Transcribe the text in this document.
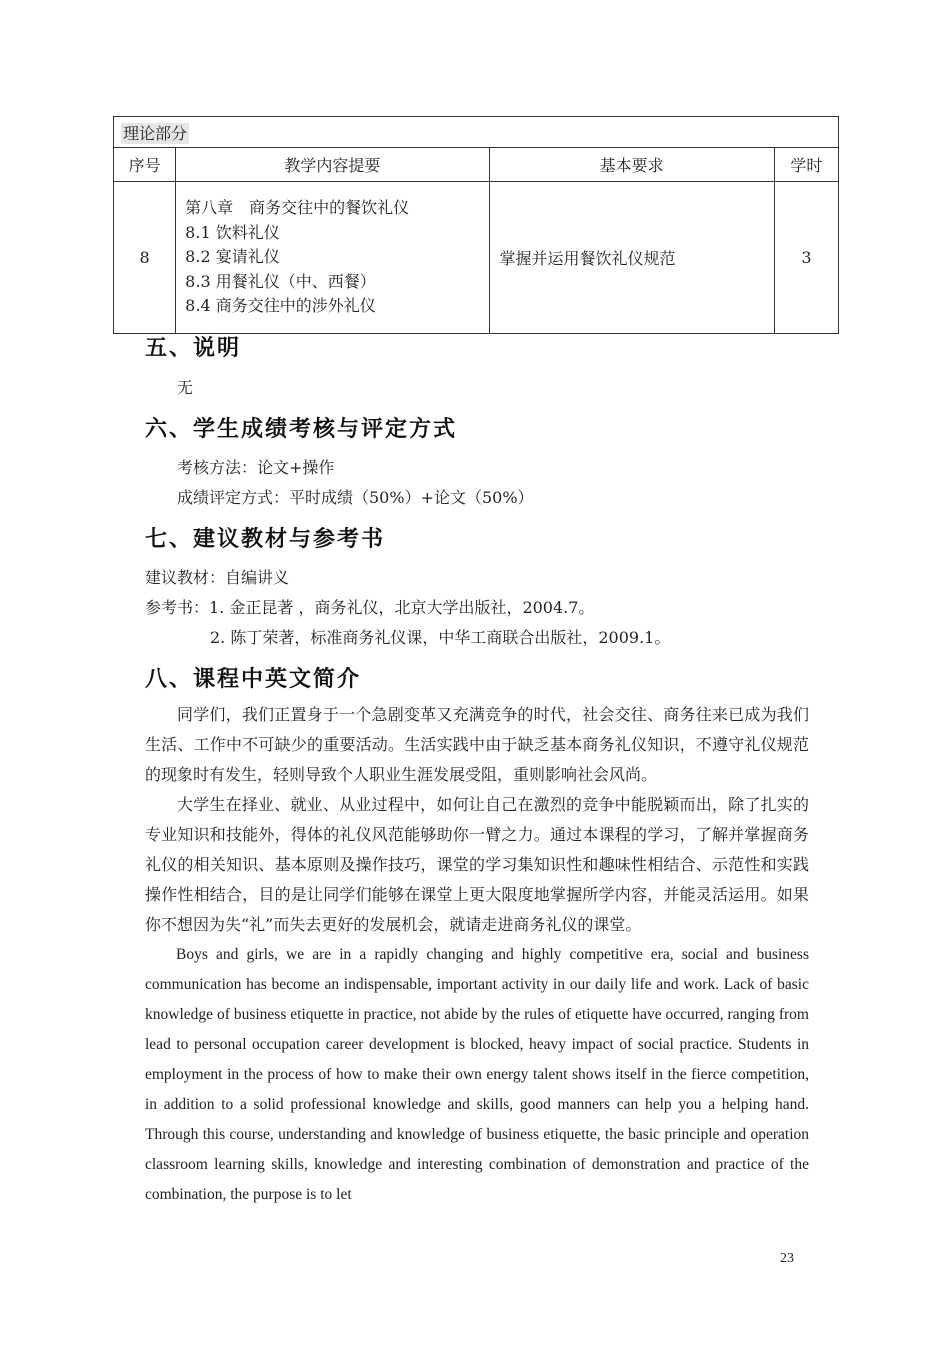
理论部分			
序号	教学内容提要	基本要求	学时
8	第八章　商务交往中的餐饮礼仪
8.1 饮料礼仪
8.2 宴请礼仪
8.3 用餐礼仪（中、西餐）
8.4 商务交往中的涉外礼仪	掌握并运用餐饮礼仪规范	3
五、说明

无

六、学生成绩考核与评定方式

考核方法：论文+操作

成绩评定方式：平时成绩（50%）+论文（50%）

七、建议教材与参考书

建议教材：自编讲义

参考书：1. 金正昆著 ，商务礼仪，北京大学出版社，2004.7。

2. 陈丁荣著，标准商务礼仪课，中华工商联合出版社，2009.1。

八、课程中英文简介

同学们，我们正置身于一个急剧变革又充满竞争的时代，社会交往、商务往来已成为我们生活、工作中不可缺少的重要活动。生活实践中由于缺乏基本商务礼仪知识，不遵守礼仪规范的现象时有发生，轻则导致个人职业生涯发展受阻，重则影响社会风尚。

大学生在择业、就业、从业过程中，如何让自己在激烈的竞争中能脱颖而出，除了扎实的专业知识和技能外，得体的礼仪风范能够助你一臂之力。通过本课程的学习，了解并掌握商务礼仪的相关知识、基本原则及操作技巧，课堂的学习集知识性和趣味性相结合、示范性和实践操作性相结合，目的是让同学们能够在课堂上更大限度地掌握所学内容，并能灵活运用。如果你不想因为失“礼”而失去更好的发展机会，就请走进商务礼仪的课堂。

Boys and girls, we are in a rapidly changing and highly competitive era, social and business communication has become an indispensable, important activity in our daily life and work. Lack of basic knowledge of business etiquette in practice, not abide by the rules of etiquette have occurred, ranging from lead to personal occupation career development is blocked, heavy impact of social practice. Students in employment in the process of how to make their own energy talent shows itself in the fierce competition, in addition to a solid professional knowledge and skills, good manners can help you a helping hand. Through this course, understanding and knowledge of business etiquette, the basic principle and operation classroom learning skills, knowledge and interesting combination of demonstration and practice of the combination, the purpose is to let

23
